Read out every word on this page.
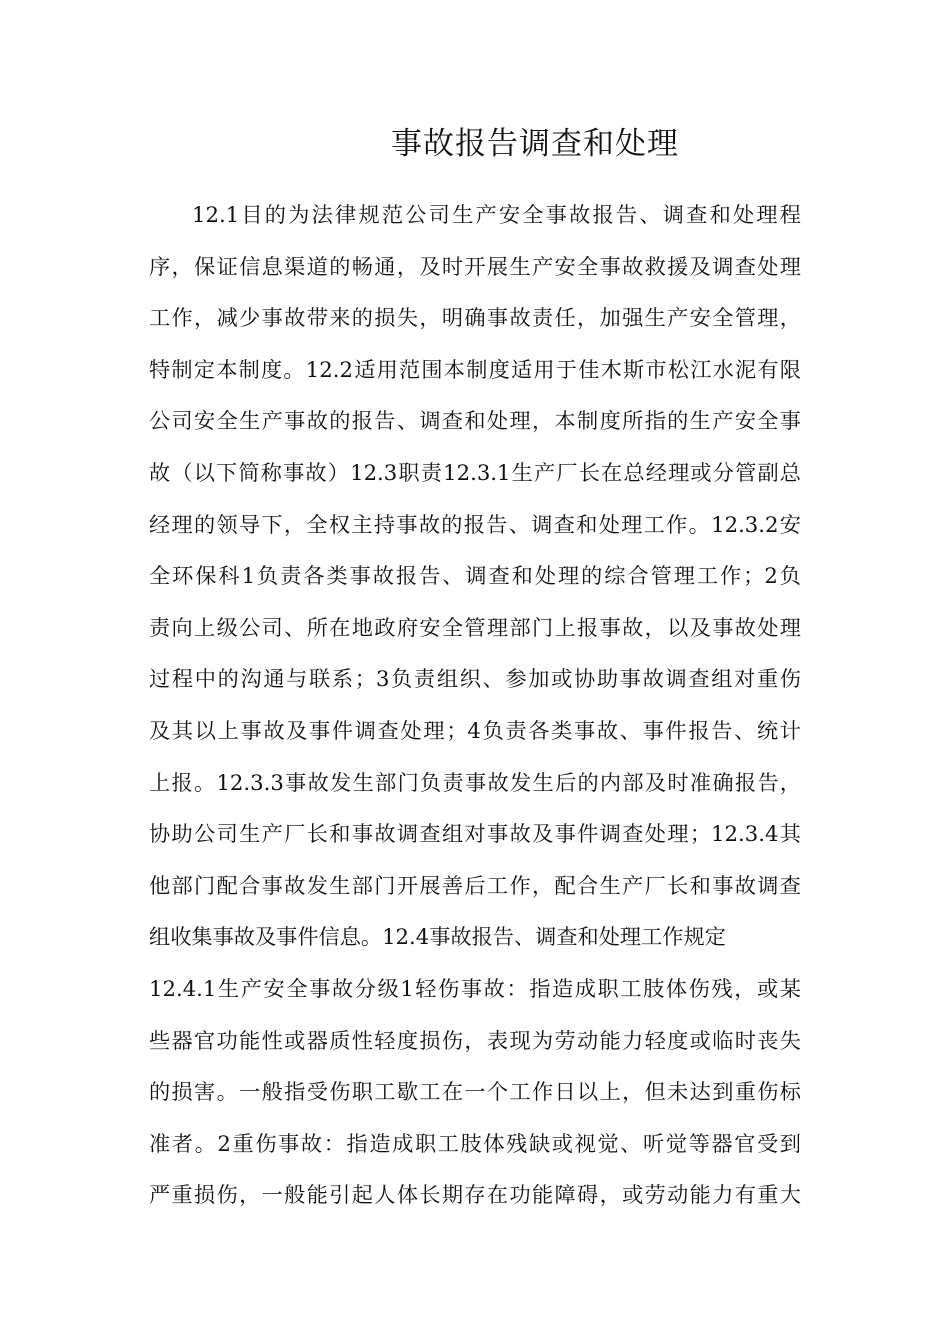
事故报告调查和处理
12.1目的为法律规范公司生产安全事故报告、调查和处理程
序，保证信息渠道的畅通，及时开展生产安全事故救援及调查处理
工作，减少事故带来的损失，明确事故责任，加强生产安全管理，
特制定本制度。12.2适用范围本制度适用于佳木斯市松江水泥有限
公司安全生产事故的报告、调查和处理，本制度所指的生产安全事
故（以下简称事故）12.3职责12.3.1生产厂长在总经理或分管副总
经理的领导下，全权主持事故的报告、调查和处理工作。12.3.2安
全环保科1负责各类事故报告、调查和处理的综合管理工作；2负
责向上级公司、所在地政府安全管理部门上报事故，以及事故处理
过程中的沟通与联系；3负责组织、参加或协助事故调查组对重伤
及其以上事故及事件调查处理；4负责各类事故、事件报告、统计
上报。12.3.3事故发生部门负责事故发生后的内部及时准确报告，
协助公司生产厂长和事故调查组对事故及事件调查处理；12.3.4其
他部门配合事故发生部门开展善后工作，配合生产厂长和事故调查
组收集事故及事件信息。12.4事故报告、调查和处理工作规定
12.4.1生产安全事故分级1轻伤事故：指造成职工肢体伤残，或某
些器官功能性或器质性轻度损伤，表现为劳动能力轻度或临时丧失
的损害。一般指受伤职工歇工在一个工作日以上，但未达到重伤标
准者。2重伤事故：指造成职工肢体残缺或视觉、听觉等器官受到
严重损伤，一般能引起人体长期存在功能障碍，或劳动能力有重大
